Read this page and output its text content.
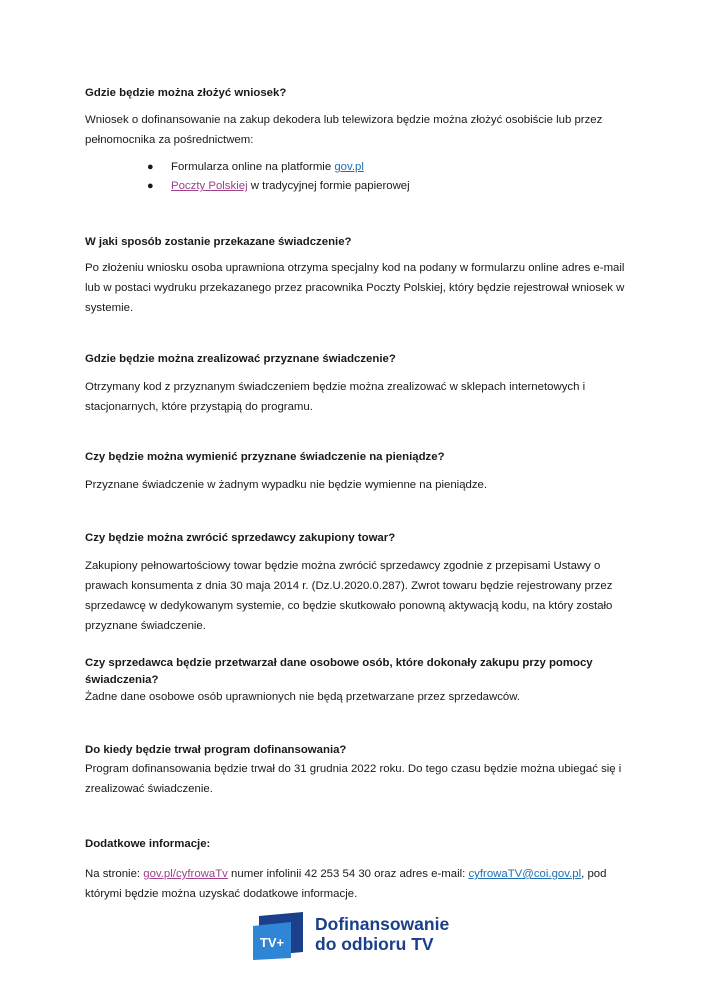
Gdzie będzie można złożyć wniosek?

Wniosek o dofinansowanie na zakup dekodera lub telewizora będzie można złożyć osobiście lub przez pełnomocnika za pośrednictwem:

● Formularza online na platformie gov.pl
● Poczty Polskiej w tradycyjnej formie papierowej

W jaki sposób zostanie przekazane świadczenie?

Po złożeniu wniosku osoba uprawniona otrzyma specjalny kod na podany w formularzu online adres e-mail lub w postaci wydruku przekazanego przez pracownika Poczty Polskiej, który będzie rejestrował wniosek w systemie.

Gdzie będzie można zrealizować przyznane świadczenie?

Otrzymany kod z przyznanym świadczeniem będzie można zrealizować w sklepach internetowych i stacjonarnych, które przystąpią do programu.

Czy będzie można wymienić przyznane świadczenie na pieniądze?

Przyznane świadczenie w żadnym wypadku nie będzie wymienne na pieniądze.

Czy będzie można zwrócić sprzedawcy zakupiony towar?

Zakupiony pełnowartościowy towar będzie można zwrócić sprzedawcy zgodnie z przepisami Ustawy o prawach konsumenta z dnia 30 maja 2014 r. (Dz.U.2020.0.287). Zwrot towaru będzie rejestrowany przez sprzedawcę w dedykowanym systemie, co będzie skutkowało ponowną aktywacją kodu, na który zostało przyznane świadczenie.

Czy sprzedawca będzie przetwarzał dane osobowe osób, które dokonały zakupu przy pomocy świadczenia?

Żadne dane osobowe osób uprawnionych nie będą przetwarzane przez sprzedawców.

Do kiedy będzie trwał program dofinansowania?

Program dofinansowania będzie trwał do 31 grudnia 2022 roku. Do tego czasu będzie można ubiegać się i zrealizować świadczenie.

Dodatkowe informacje:

Na stronie: gov.pl/cyfrowaTv numer infolinii 42 253 54 30 oraz adres e-mail: cyfrowaTV@coi.gov.pl, pod którymi będzie można uzyskać dodatkowe informacje.

TV+
Dofinansowanie
do odbioru TV
